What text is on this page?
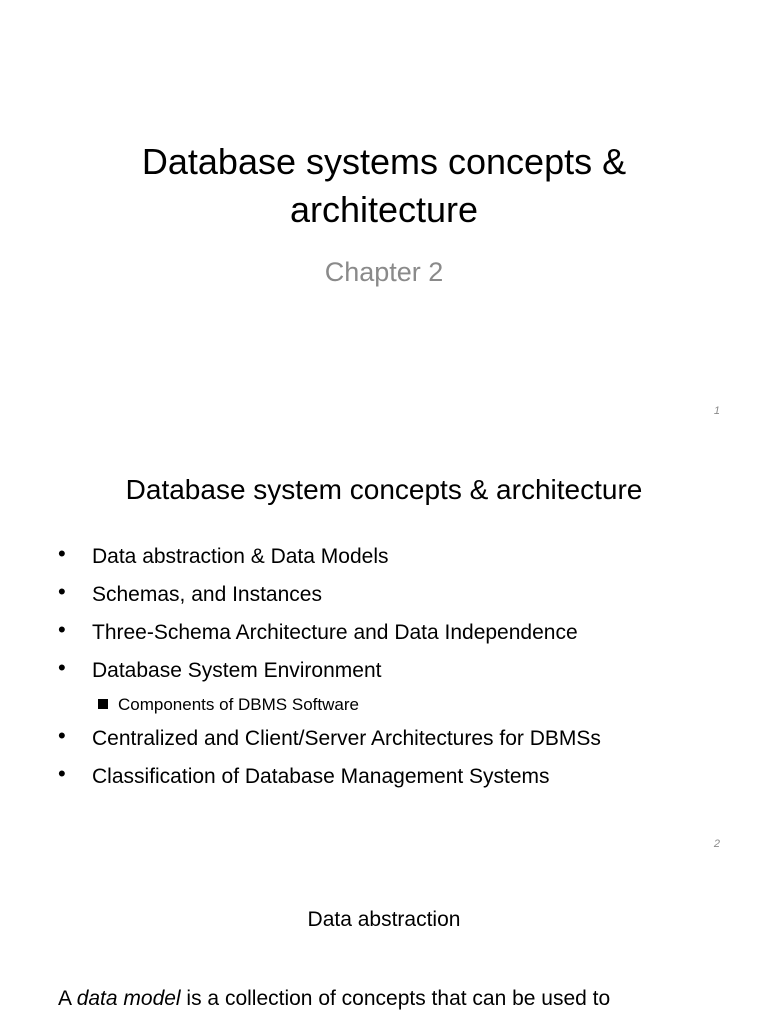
Database systems concepts & architecture
Chapter 2
1
Database system concepts & architecture
• Data abstraction & Data Models
• Schemas, and Instances
• Three-Schema Architecture and Data Independence
• Database System Environment
Components of DBMS Software
• Centralized and Client/Server Architectures for DBMSs
• Classification of Database Management Systems
2
Data abstraction
A data model is a collection of concepts that can be used to
